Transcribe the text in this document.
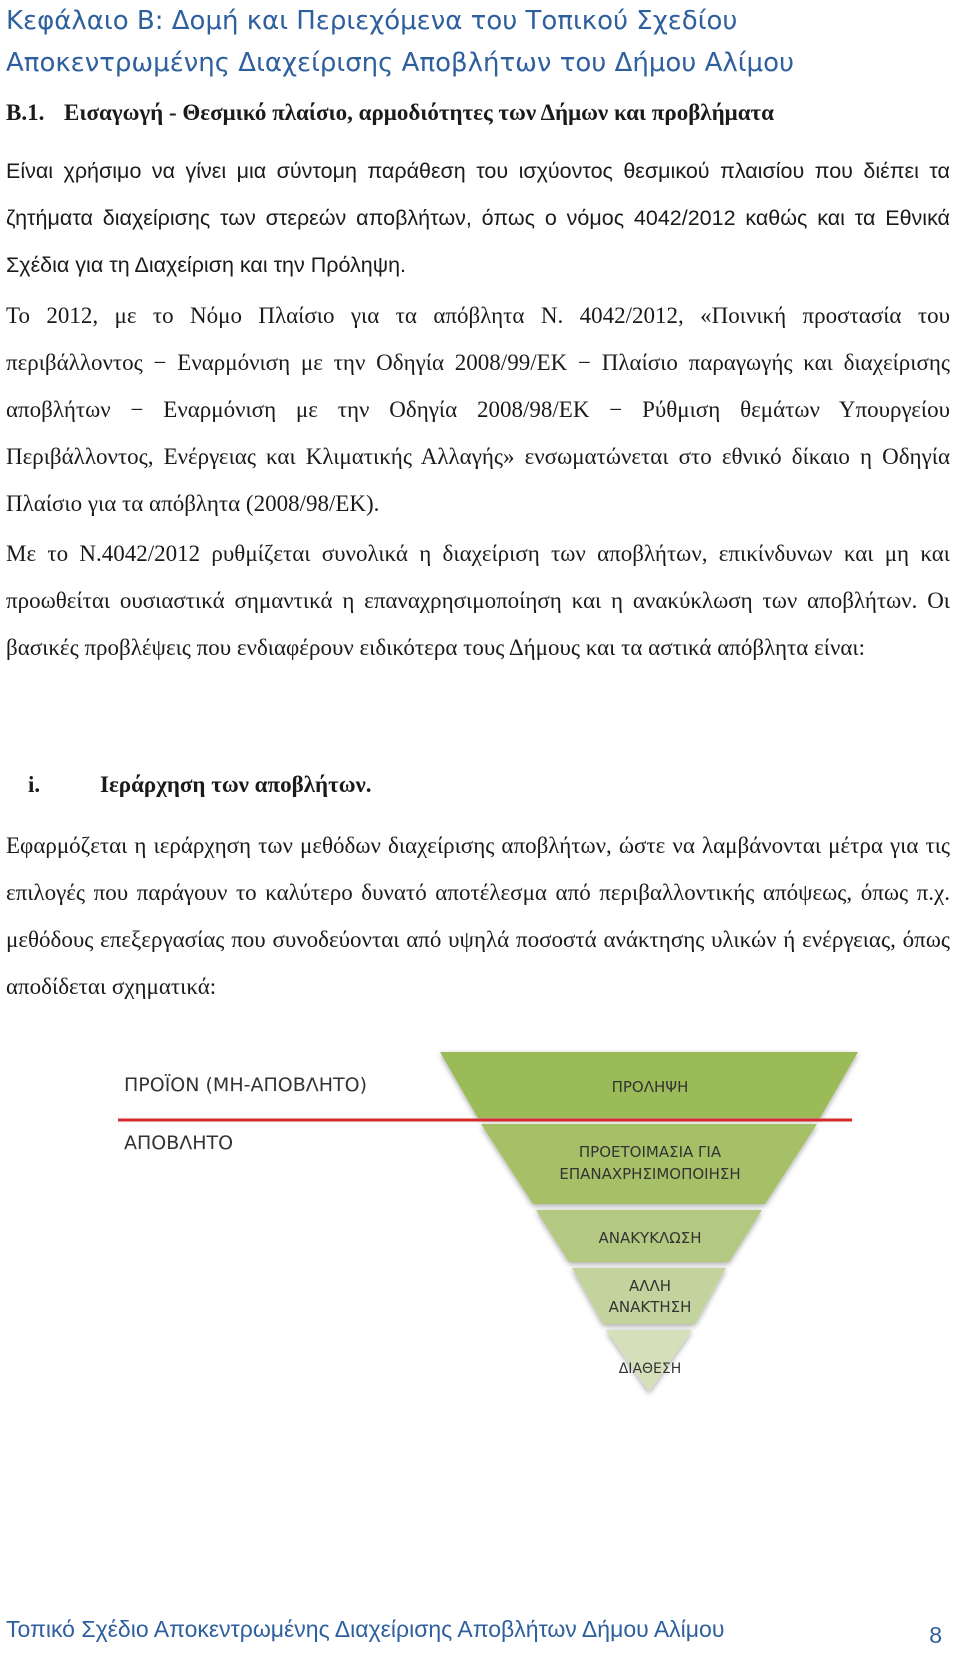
Κεφάλαιο Β: Δομή και Περιεχόμενα του Τοπικού Σχεδίου
Αποκεντρωμένης Διαχείρισης Αποβλήτων του Δήμου Αλίμου
Β.1. Εισαγωγή - Θεσμικό πλαίσιο, αρμοδιότητες των Δήμων και προβλήματα

Είναι χρήσιμο να γίνει μια σύντομη παράθεση του ισχύοντος θεσμικού πλαισίου που διέπει τα ζητήματα διαχείρισης των στερεών αποβλήτων, όπως ο νόμος 4042/2012 καθώς και τα Εθνικά Σχέδια για τη Διαχείριση και την Πρόληψη.

Το 2012, με το Νόμο Πλαίσιο για τα απόβλητα Ν. 4042/2012, «Ποινική προστασία του περιβάλλοντος − Εναρμόνιση με την Οδηγία 2008/99/ΕΚ − Πλαίσιο παραγωγής και διαχείρισης αποβλήτων − Εναρμόνιση με την Οδηγία 2008/98/ΕΚ − Ρύθμιση θεμάτων Υπουργείου Περιβάλλοντος, Ενέργειας και Κλιματικής Αλλαγής» ενσωματώνεται στο εθνικό δίκαιο η Οδηγία Πλαίσιο για τα απόβλητα (2008/98/ΕΚ).

Με το Ν.4042/2012 ρυθμίζεται συνολικά η διαχείριση των αποβλήτων, επικίνδυνων και μη και προωθείται ουσιαστικά σημαντικά η επαναχρησιμοποίηση και η ανακύκλωση των αποβλήτων. Οι βασικές προβλέψεις που ενδιαφέρουν ειδικότερα τους Δήμους και τα αστικά απόβλητα είναι:

i.	Ιεράρχηση των αποβλήτων.

Εφαρμόζεται η ιεράρχηση των μεθόδων διαχείρισης αποβλήτων, ώστε να λαμβάνονται μέτρα για τις επιλογές που παράγουν το καλύτερο δυνατό αποτέλεσμα από περιβαλλοντικής απόψεως, όπως π.χ. μεθόδους επεξεργασίας που συνοδεύονται από υψηλά ποσοστά ανάκτησης υλικών ή ενέργειας, όπως αποδίδεται σχηματικά:

ΠΡΟΪΟΝ (ΜΗ-ΑΠΟΒΛΗΤΟ)
ΑΠΟΒΛΗΤΟ
ΠΡΟΛΗΨΗ
ΠΡΟΕΤΟΙΜΑΣΙΑ ΓΙΑ
ΕΠΑΝΑΧΡΗΣΙΜΟΠΟΙΗΣΗ
ΑΝΑΚΥΚΛΩΣΗ
ΑΛΛΗ
ΑΝΑΚΤΗΣΗ
ΔΙΑΘΕΣΗ
Τοπικό Σχέδιο Αποκεντρωμένης Διαχείρισης Αποβλήτων Δήμου Αλίμου	8
